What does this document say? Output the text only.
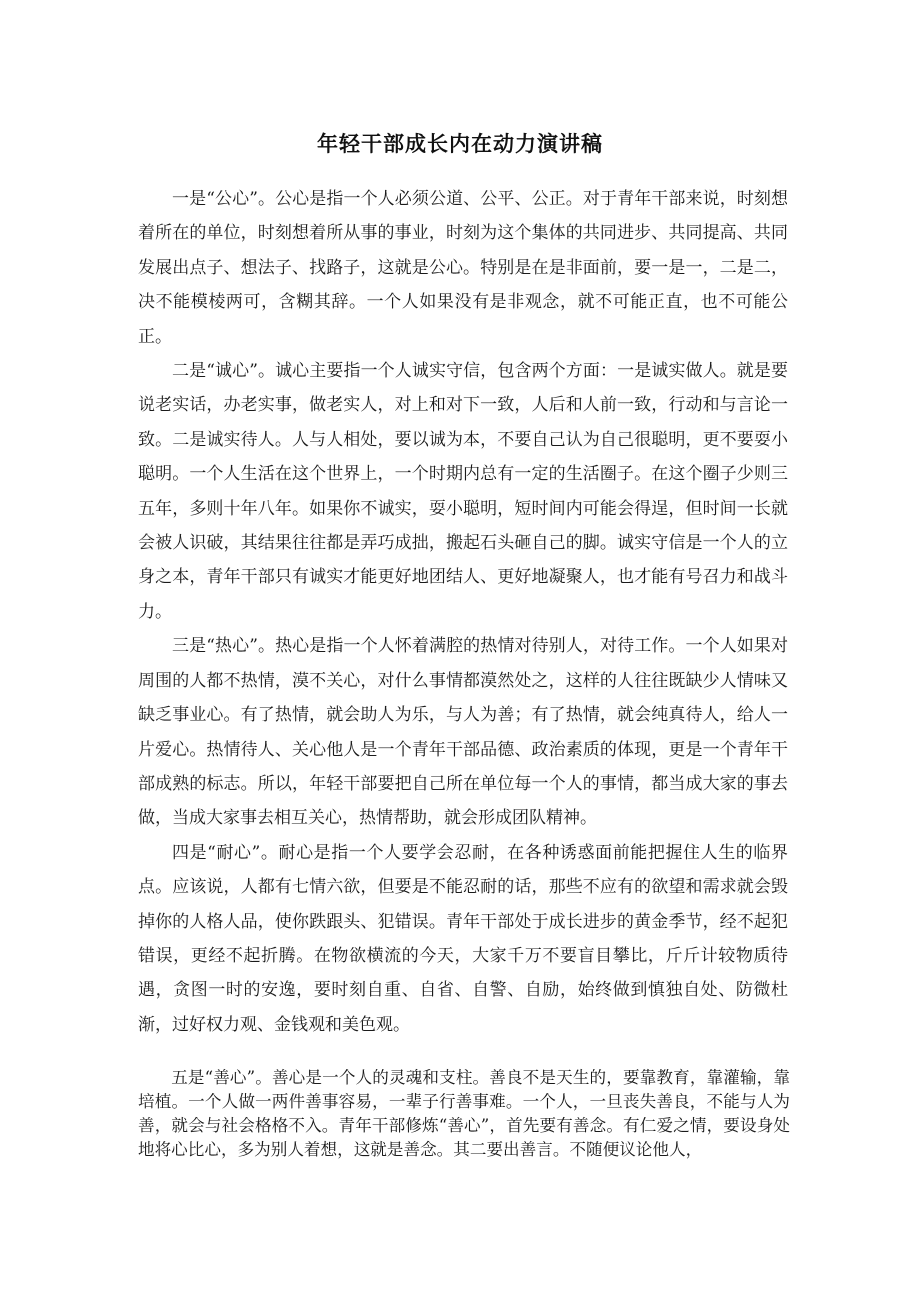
年轻干部成长内在动力演讲稿

一是“公心”。公心是指一个人必须公道、公平、公正。对于青年干部来说，时刻想着所在的单位，时刻想着所从事的事业，时刻为这个集体的共同进步、共同提高、共同发展出点子、想法子、找路子，这就是公心。特别是在是非面前，要一是一，二是二，决不能模棱两可，含糊其辞。一个人如果没有是非观念，就不可能正直，也不可能公正。

二是“诚心”。诚心主要指一个人诚实守信，包含两个方面：一是诚实做人。就是要说老实话，办老实事，做老实人，对上和对下一致，人后和人前一致，行动和与言论一致。二是诚实待人。人与人相处，要以诚为本，不要自己认为自己很聪明，更不要耍小聪明。一个人生活在这个世界上，一个时期内总有一定的生活圈子。在这个圈子少则三五年，多则十年八年。如果你不诚实，耍小聪明，短时间内可能会得逞，但时间一长就会被人识破，其结果往往都是弄巧成拙，搬起石头砸自己的脚。诚实守信是一个人的立身之本，青年干部只有诚实才能更好地团结人、更好地凝聚人，也才能有号召力和战斗力。

三是“热心”。热心是指一个人怀着满腔的热情对待别人，对待工作。一个人如果对周围的人都不热情，漠不关心，对什么事情都漠然处之，这样的人往往既缺少人情味又缺乏事业心。有了热情，就会助人为乐，与人为善；有了热情，就会纯真待人，给人一片爱心。热情待人、关心他人是一个青年干部品德、政治素质的体现，更是一个青年干部成熟的标志。所以，年轻干部要把自己所在单位每一个人的事情，都当成大家的事去做，当成大家事去相互关心，热情帮助，就会形成团队精神。

四是“耐心”。耐心是指一个人要学会忍耐，在各种诱惑面前能把握住人生的临界点。应该说，人都有七情六欲，但要是不能忍耐的话，那些不应有的欲望和需求就会毁掉你的人格人品，使你跌跟头、犯错误。青年干部处于成长进步的黄金季节，经不起犯错误，更经不起折腾。在物欲横流的今天，大家千万不要盲目攀比，斤斤计较物质待遇，贪图一时的安逸，要时刻自重、自省、自警、自励，始终做到慎独自处、防微杜渐，过好权力观、金钱观和美色观。

五是“善心”。善心是一个人的灵魂和支柱。善良不是天生的，要靠教育，靠灌输，靠培植。一个人做一两件善事容易，一辈子行善事难。一个人，一旦丧失善良，不能与人为善，就会与社会格格不入。青年干部修炼“善心”，首先要有善念。有仁爱之情，要设身处地将心比心，多为别人着想，这就是善念。其二要出善言。不随便议论他人，
